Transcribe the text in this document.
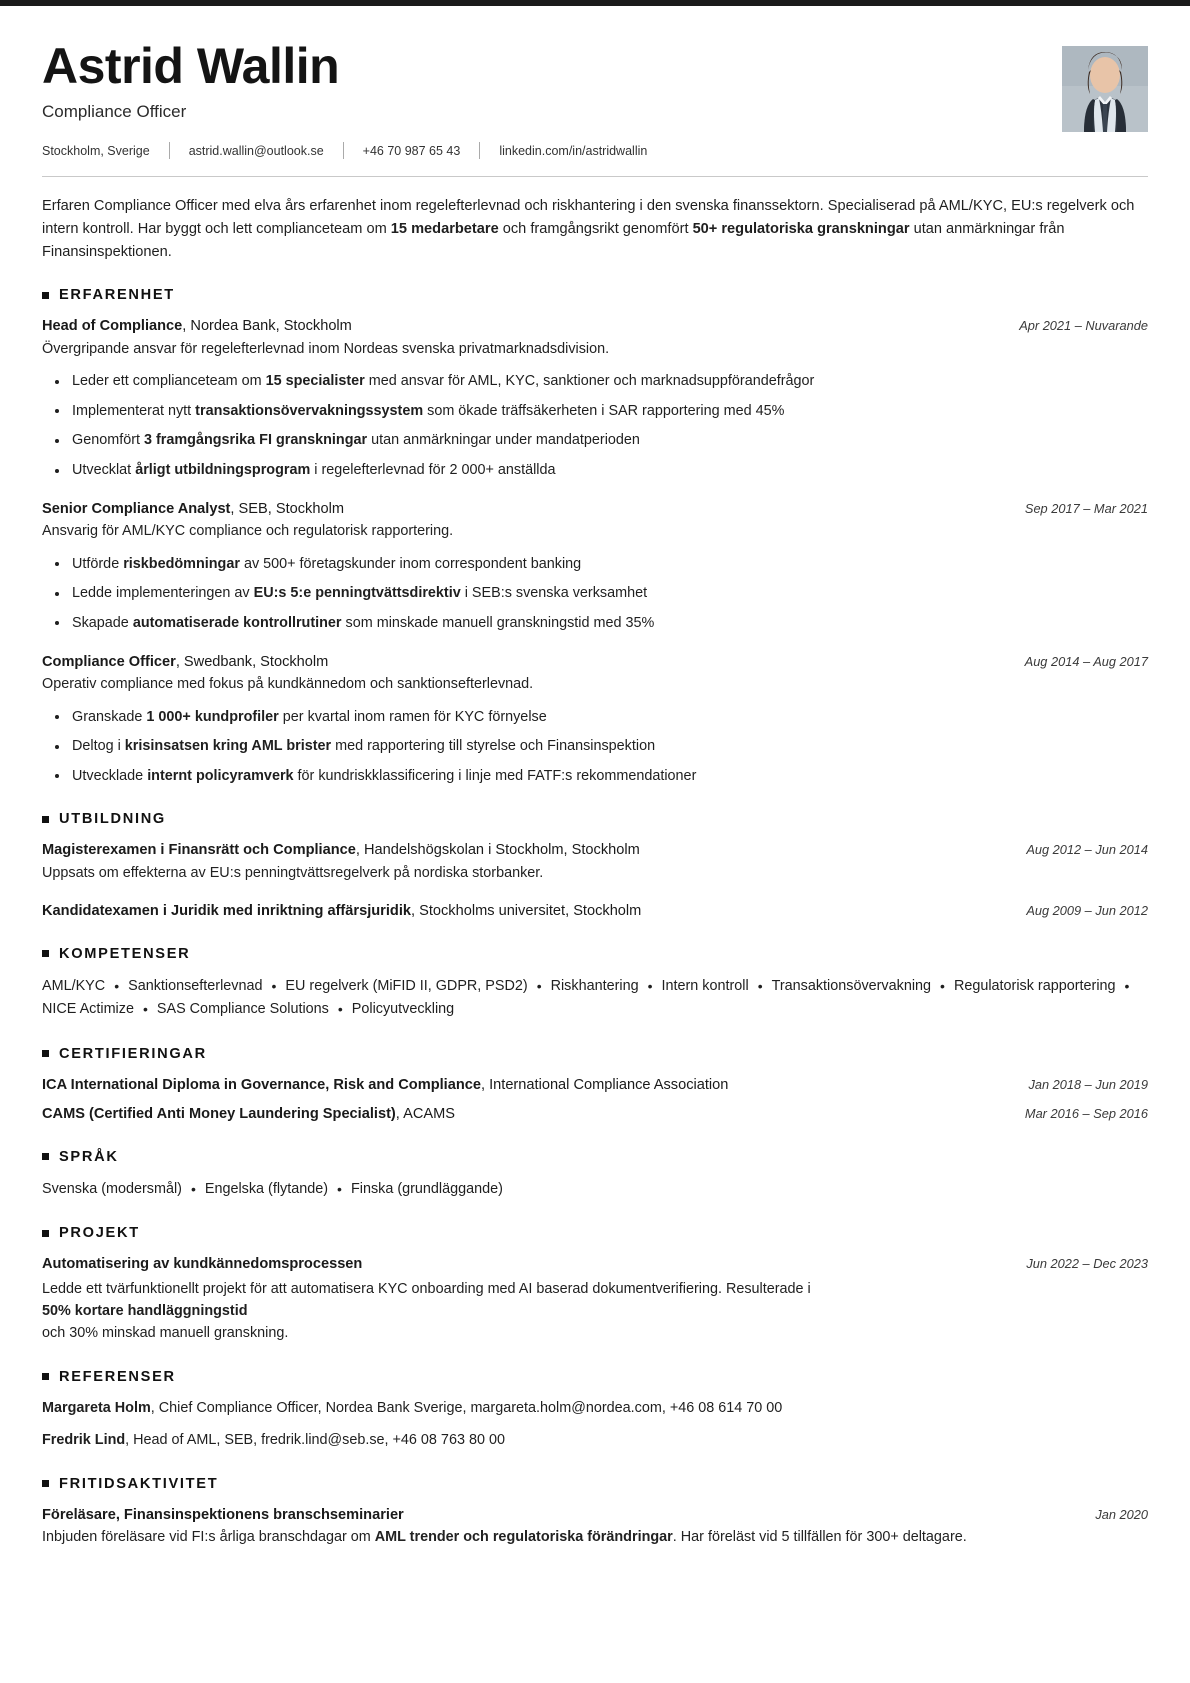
Astrid Wallin
Compliance Officer
Stockholm, Sverige	astrid.wallin@outlook.se	+46 70 987 65 43	linkedin.com/in/astridwallin

Erfaren Compliance Officer med elva års erfarenhet inom regelefterlevnad och riskhantering i den svenska finanssektorn. Specialiserad på AML/KYC, EU:s regelverk och intern kontroll. Har byggt och lett complianceteam om 15 medarbetare och framgångsrikt genomfört 50+ regulatoriska granskningar utan anmärkningar från Finansinspektionen.

ERFARENHET
Head of Compliance, Nordea Bank, Stockholm	Apr 2021 – Nuvarande
Övergripande ansvar för regelefterlevnad inom Nordeas svenska privatmarknadsdivision.
Leder ett complianceteam om 15 specialister med ansvar för AML, KYC, sanktioner och marknadsuppförandefrågor
Implementerat nytt transaktionsövervakningssystem som ökade träffsäkerheten i SAR rapportering med 45%
Genomfört 3 framgångsrika FI granskningar utan anmärkningar under mandatperioden
Utvecklat årligt utbildningsprogram i regelefterlevnad för 2 000+ anställda
Senior Compliance Analyst, SEB, Stockholm	Sep 2017 – Mar 2021
Ansvarig för AML/KYC compliance och regulatorisk rapportering.
Utförde riskbedömningar av 500+ företagskunder inom correspondent banking
Ledde implementeringen av EU:s 5:e penningtvättsdirektiv i SEB:s svenska verksamhet
Skapade automatiserade kontrollrutiner som minskade manuell granskningstid med 35%
Compliance Officer, Swedbank, Stockholm	Aug 2014 – Aug 2017
Operativ compliance med fokus på kundkännedom och sanktionsefterlevnad.
Granskade 1 000+ kundprofiler per kvartal inom ramen för KYC förnyelse
Deltog i krisinsatsen kring AML brister med rapportering till styrelse och Finansinspektion
Utvecklade internt policyramverk för kundriskklassificering i linje med FATF:s rekommendationer
UTBILDNING
Magisterexamen i Finansrätt och Compliance, Handelshögskolan i Stockholm, Stockholm	Aug 2012 – Jun 2014
Uppsats om effekterna av EU:s penningtvättsregelverk på nordiska storbanker.
Kandidatexamen i Juridik med inriktning affärsjuridik, Stockholms universitet, Stockholm	Aug 2009 – Jun 2012
KOMPETENSER
AML/KYC • Sanktionsefterlevnad • EU regelverk (MiFID II, GDPR, PSD2) • Riskhantering • Intern kontroll • Transaktionsövervakning • Regulatorisk rapportering •NICE Actimize • SAS Compliance Solutions • Policyutveckling
CERTIFIERINGAR
ICA International Diploma in Governance, Risk and Compliance, International Compliance Association	Jan 2018 – Jun 2019
CAMS (Certified Anti Money Laundering Specialist), ACAMS	Mar 2016 – Sep 2016
SPRÅK
Svenska (modersmål) • Engelska (flytande) • Finska (grundläggande)
PROJEKT
Automatisering av kundkännedomsprocessen	Jun 2022 – Dec 2023
Ledde ett tvärfunktionellt projekt för att automatisera KYC onboarding med AI baserad dokumentverifiering. Resulterade i
50% kortare handläggningstid
och 30% minskad manuell granskning.
REFERENSER
Margareta Holm, Chief Compliance Officer, Nordea Bank Sverige, margareta.holm@nordea.com, +46 08 614 70 00
Fredrik Lind, Head of AML, SEB, fredrik.lind@seb.se, +46 08 763 80 00
FRITIDSAKTIVITET
Föreläsare, Finansinspektionens branschseminarier	Jan 2020
Inbjuden föreläsare vid FI:s årliga branschdagar om AML trender och regulatoriska förändringar. Har föreläst vid 5 tillfällen för 300+ deltagare.
